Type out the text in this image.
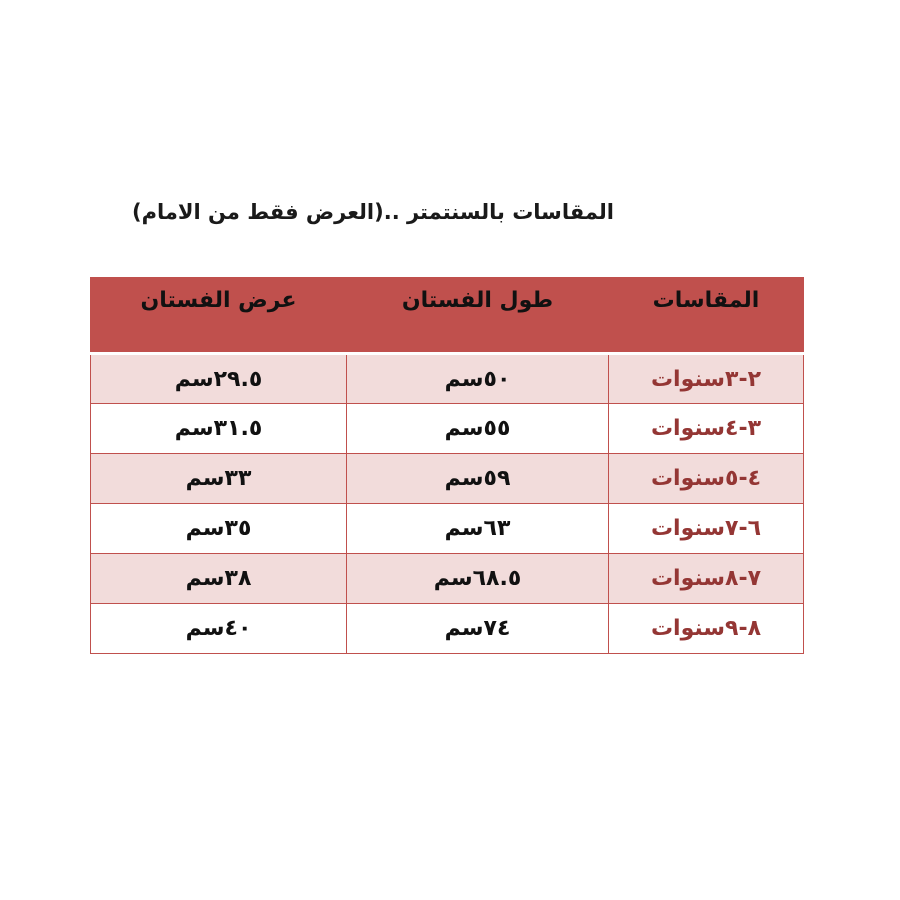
المقاسات بالسنتمتر ..(العرض فقط من الامام)
المقاسات	طول الفستان	عرض الفستان
٢-٣سنوات	٥٠سم	٢٩.٥سم
٣-٤سنوات	٥٥سم	٣١.٥سم
٤-٥سنوات	٥٩سم	٣٣سم
٦-٧سنوات	٦٣سم	٣٥سم
٧-٨سنوات	٦٨.٥سم	٣٨سم
٨-٩سنوات	٧٤سم	٤٠سم
